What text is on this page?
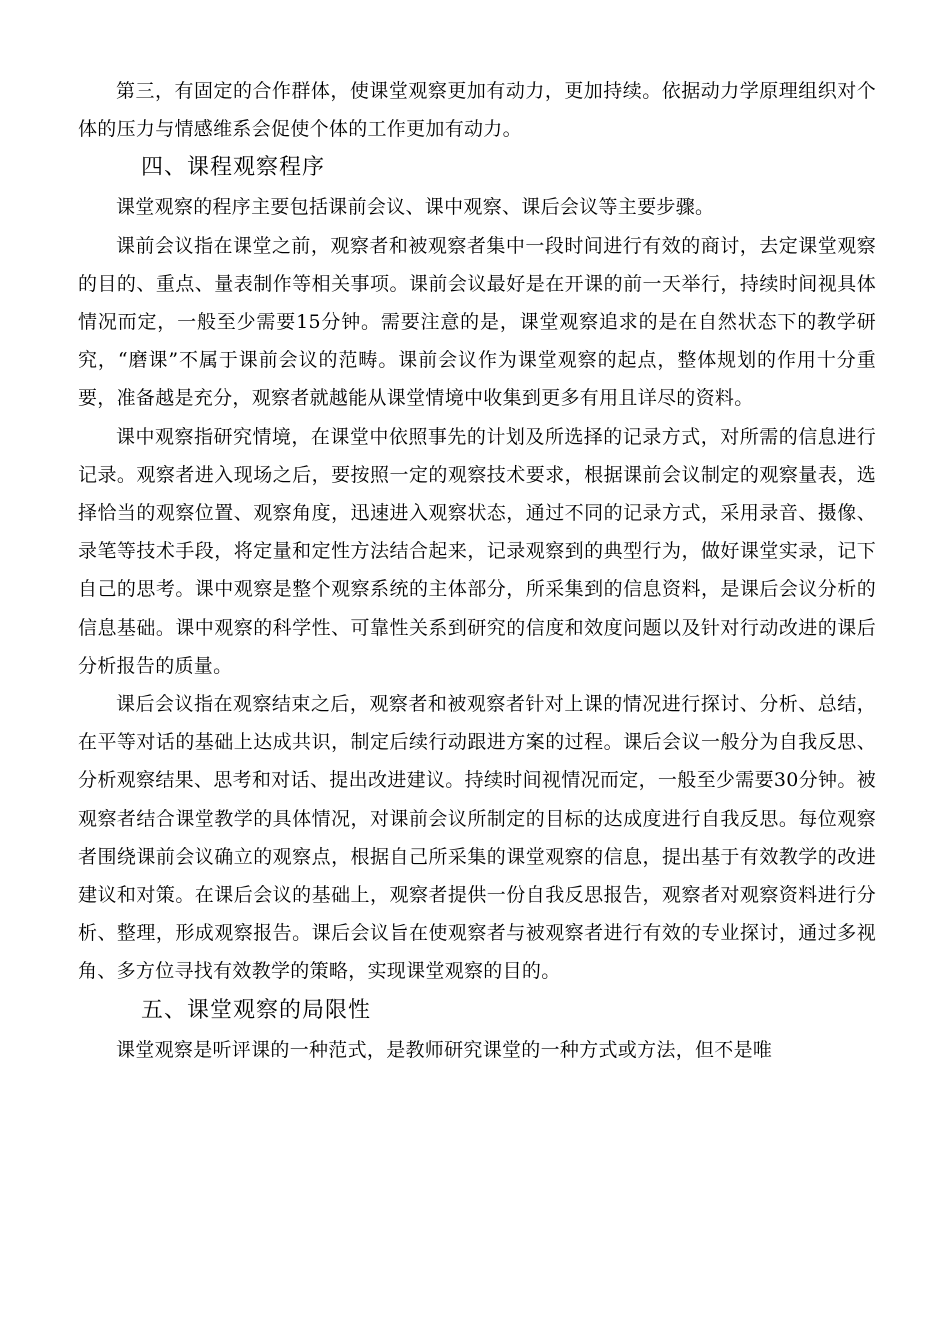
第三，有固定的合作群体，使课堂观察更加有动力，更加持续。依据动力学原理组织对个体的压力与情感维系会促使个体的工作更加有动力。

四、课程观察程序

课堂观察的程序主要包括课前会议、课中观察、课后会议等主要步骤。

课前会议指在课堂之前，观察者和被观察者集中一段时间进行有效的商讨，去定课堂观察的目的、重点、量表制作等相关事项。课前会议最好是在开课的前一天举行，持续时间视具体情况而定，一般至少需要15分钟。需要注意的是，课堂观察追求的是在自然状态下的教学研究，“磨课”不属于课前会议的范畴。课前会议作为课堂观察的起点，整体规划的作用十分重要，准备越是充分，观察者就越能从课堂情境中收集到更多有用且详尽的资料。

课中观察指研究情境，在课堂中依照事先的计划及所选择的记录方式，对所需的信息进行记录。观察者进入现场之后，要按照一定的观察技术要求，根据课前会议制定的观察量表，选择恰当的观察位置、观察角度，迅速进入观察状态，通过不同的记录方式，采用录音、摄像、录笔等技术手段，将定量和定性方法结合起来，记录观察到的典型行为，做好课堂实录，记下自己的思考。课中观察是整个观察系统的主体部分，所采集到的信息资料，是课后会议分析的信息基础。课中观察的科学性、可靠性关系到研究的信度和效度问题以及针对行动改进的课后分析报告的质量。

课后会议指在观察结束之后，观察者和被观察者针对上课的情况进行探讨、分析、总结，在平等对话的基础上达成共识，制定后续行动跟进方案的过程。课后会议一般分为自我反思、分析观察结果、思考和对话、提出改进建议。持续时间视情况而定，一般至少需要30分钟。被观察者结合课堂教学的具体情况，对课前会议所制定的目标的达成度进行自我反思。每位观察者围绕课前会议确立的观察点，根据自己所采集的课堂观察的信息，提出基于有效教学的改进建议和对策。在课后会议的基础上，观察者提供一份自我反思报告，观察者对观察资料进行分析、整理，形成观察报告。课后会议旨在使观察者与被观察者进行有效的专业探讨，通过多视角、多方位寻找有效教学的策略，实现课堂观察的目的。

五、课堂观察的局限性

课堂观察是听评课的一种范式，是教师研究课堂的一种方式或方法，但不是唯
